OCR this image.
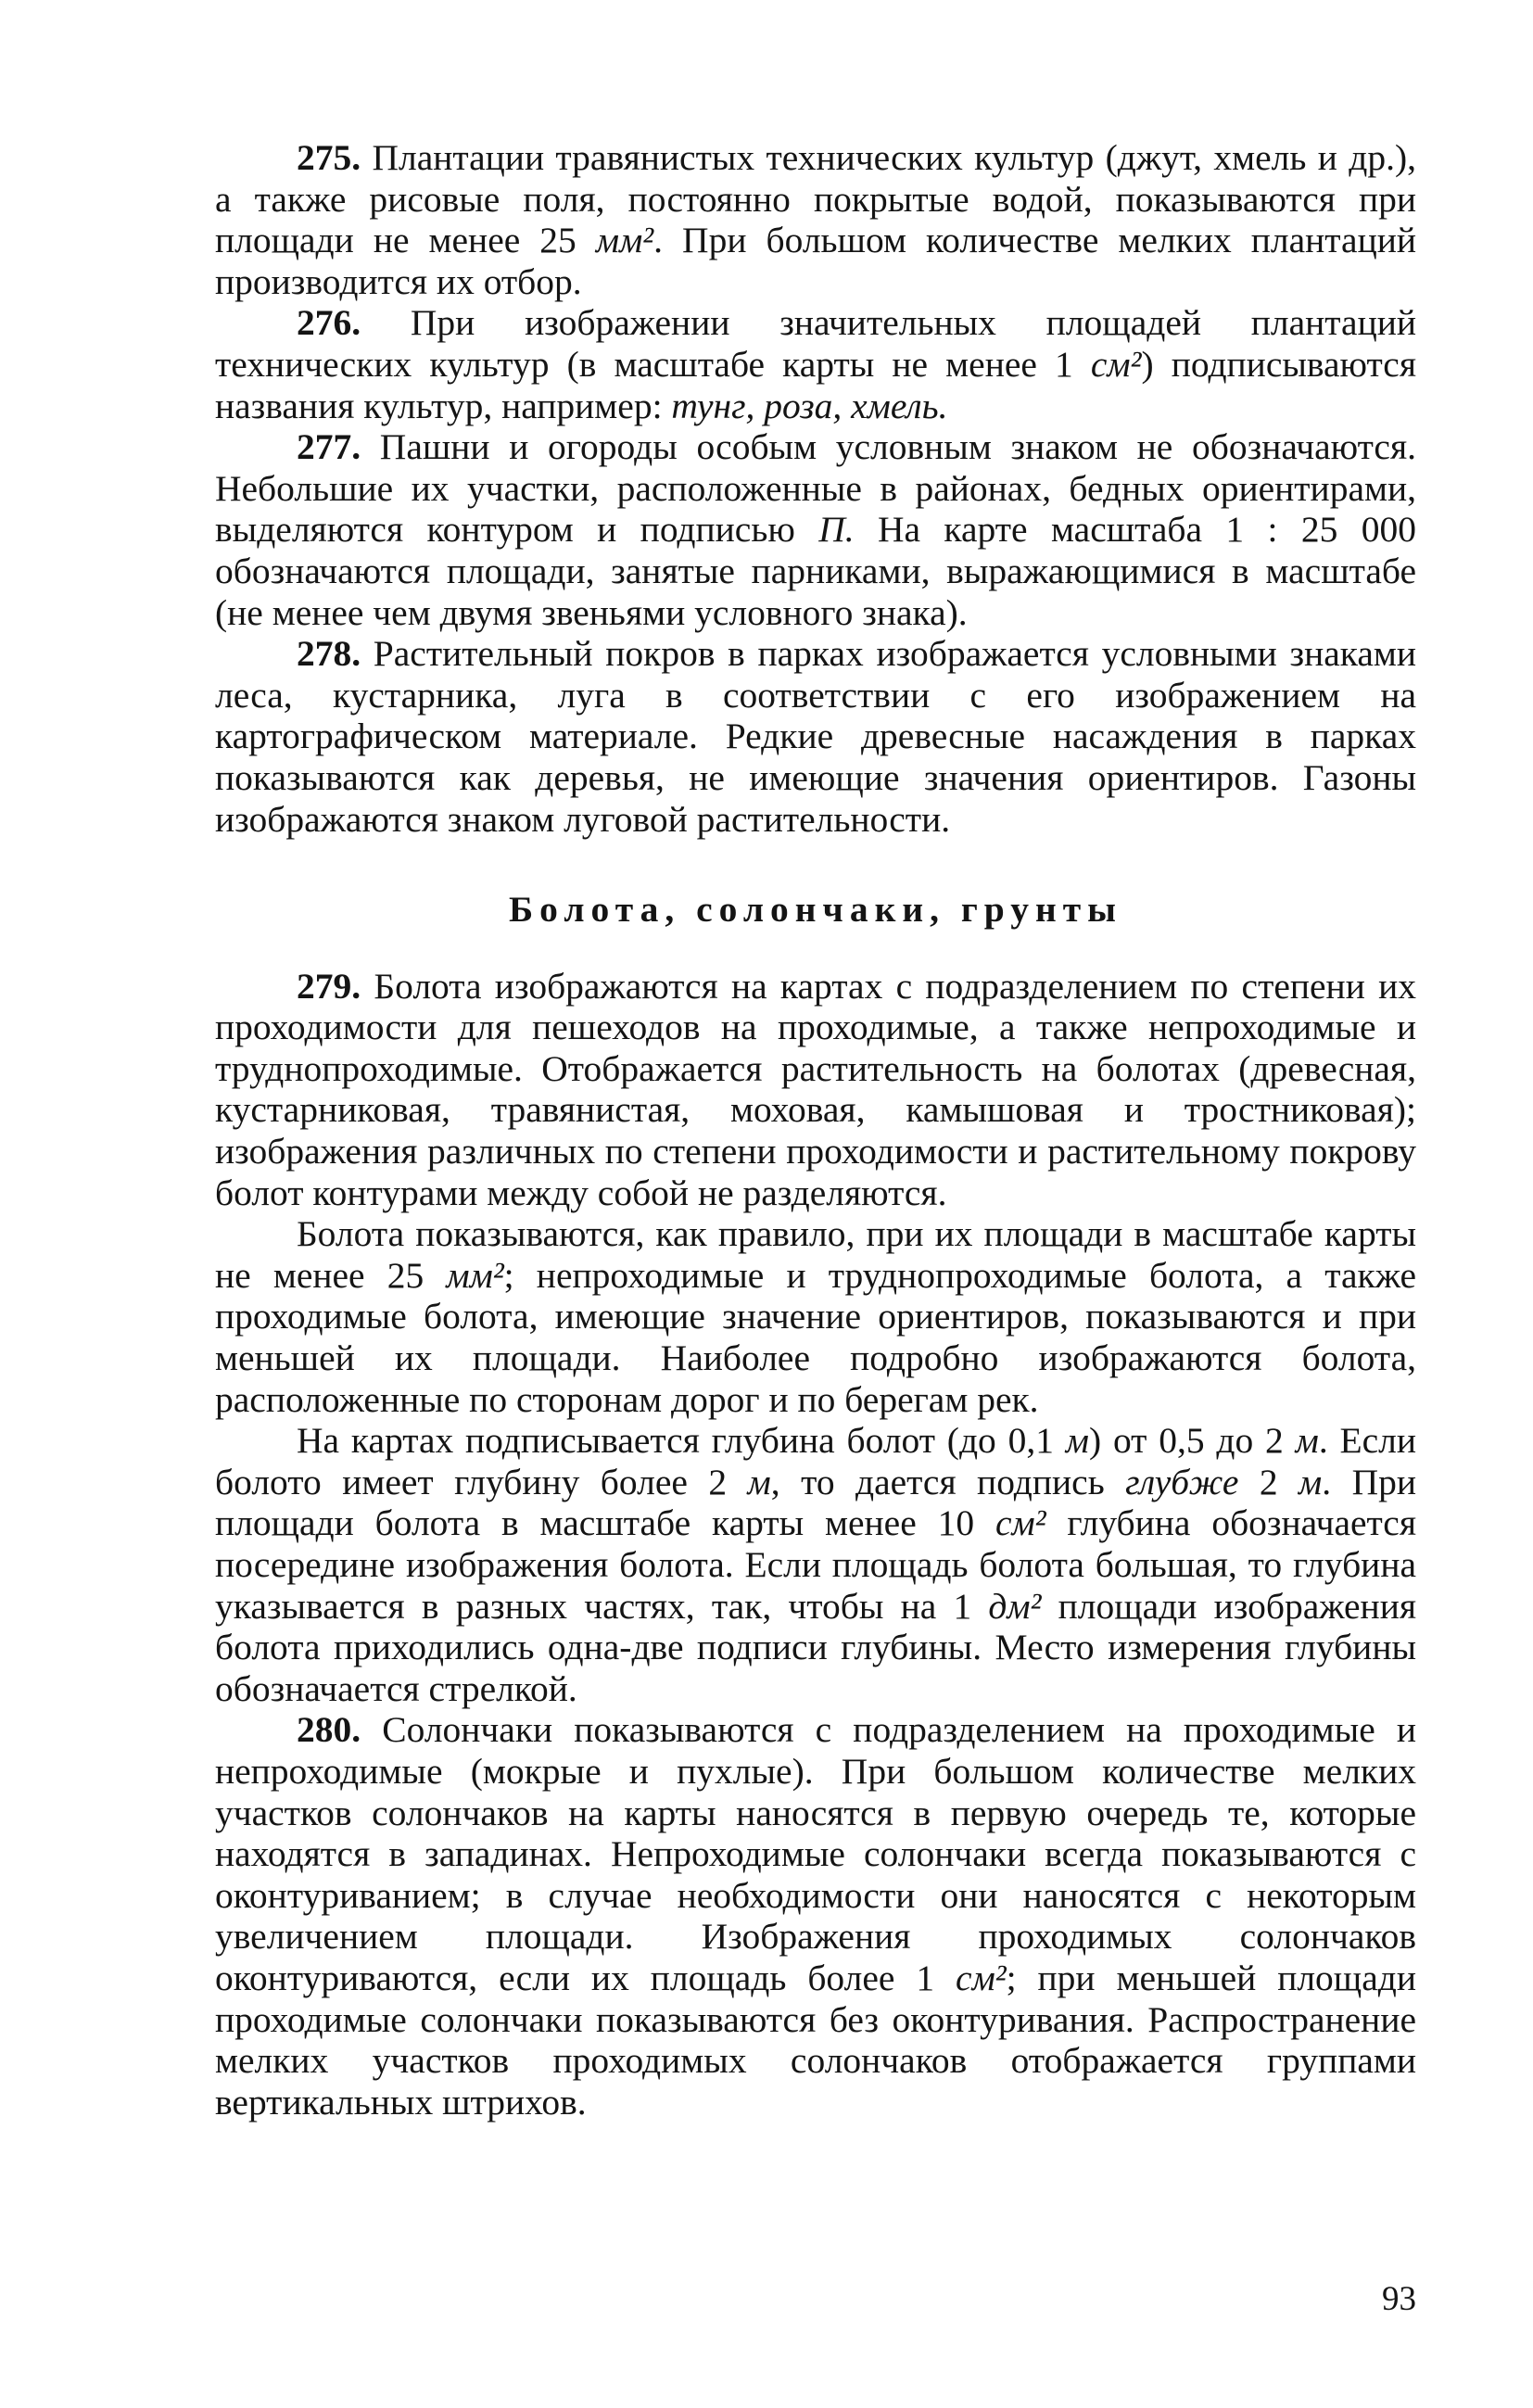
275. Плантации травянистых технических культур (джут, хмель и др.), а также рисовые поля, постоянно покрытые водой, показываются при площади не менее 25 мм². При большом количестве мелких плантаций производится их отбор.

276. При изображении значительных площадей плантаций технических культур (в масштабе карты не менее 1 см²) подписываются названия культур, например: тунг, роза, хмель.

277. Пашни и огороды особым условным знаком не обозначаются. Небольшие их участки, расположенные в районах, бедных ориентирами, выделяются контуром и подписью П. На карте масштаба 1 : 25 000 обозначаются площади, занятые парниками, выражающимися в масштабе (не менее чем двумя звеньями условного знака).

278. Растительный покров в парках изображается условными знаками леса, кустарника, луга в соответствии с его изображением на картографическом материале. Редкие древесные насаждения в парках показываются как деревья, не имеющие значения ориентиров. Газоны изображаются знаком луговой растительности.

Болота, солончаки, грунты

279. Болота изображаются на картах с подразделением по степени их проходимости для пешеходов на проходимые, а также непроходимые и труднопроходимые. Отображается растительность на болотах (древесная, кустарниковая, травянистая, моховая, камышовая и тростниковая); изображения различных по степени проходимости и растительному покрову болот контурами между собой не разделяются.

Болота показываются, как правило, при их площади в масштабе карты не менее 25 мм²; непроходимые и труднопроходимые болота, а также проходимые болота, имеющие значение ориентиров, показываются и при меньшей их площади. Наиболее подробно изображаются болота, расположенные по сторонам дорог и по берегам рек.

На картах подписывается глубина болот (до 0,1 м) от 0,5 до 2 м. Если болото имеет глубину более 2 м, то дается подпись глубже 2 м. При площади болота в масштабе карты менее 10 см² глубина обозначается посередине изображения болота. Если площадь болота большая, то глубина указывается в разных частях, так, чтобы на 1 дм² площади изображения болота приходились одна-две подписи глубины. Место измерения глубины обозначается стрелкой.

280. Солончаки показываются с подразделением на проходимые и непроходимые (мокрые и пухлые). При большом количестве мелких участков солончаков на карты наносятся в первую очередь те, которые находятся в западинах. Непроходимые солончаки всегда показываются с оконтуриванием; в случае необходимости они наносятся с некоторым увеличением площади. Изображения проходимых солончаков оконтуриваются, если их площадь более 1 см²; при меньшей площади проходимые солончаки показываются без оконтуривания. Распространение мелких участков проходимых солончаков отображается группами вертикальных штрихов.

93
